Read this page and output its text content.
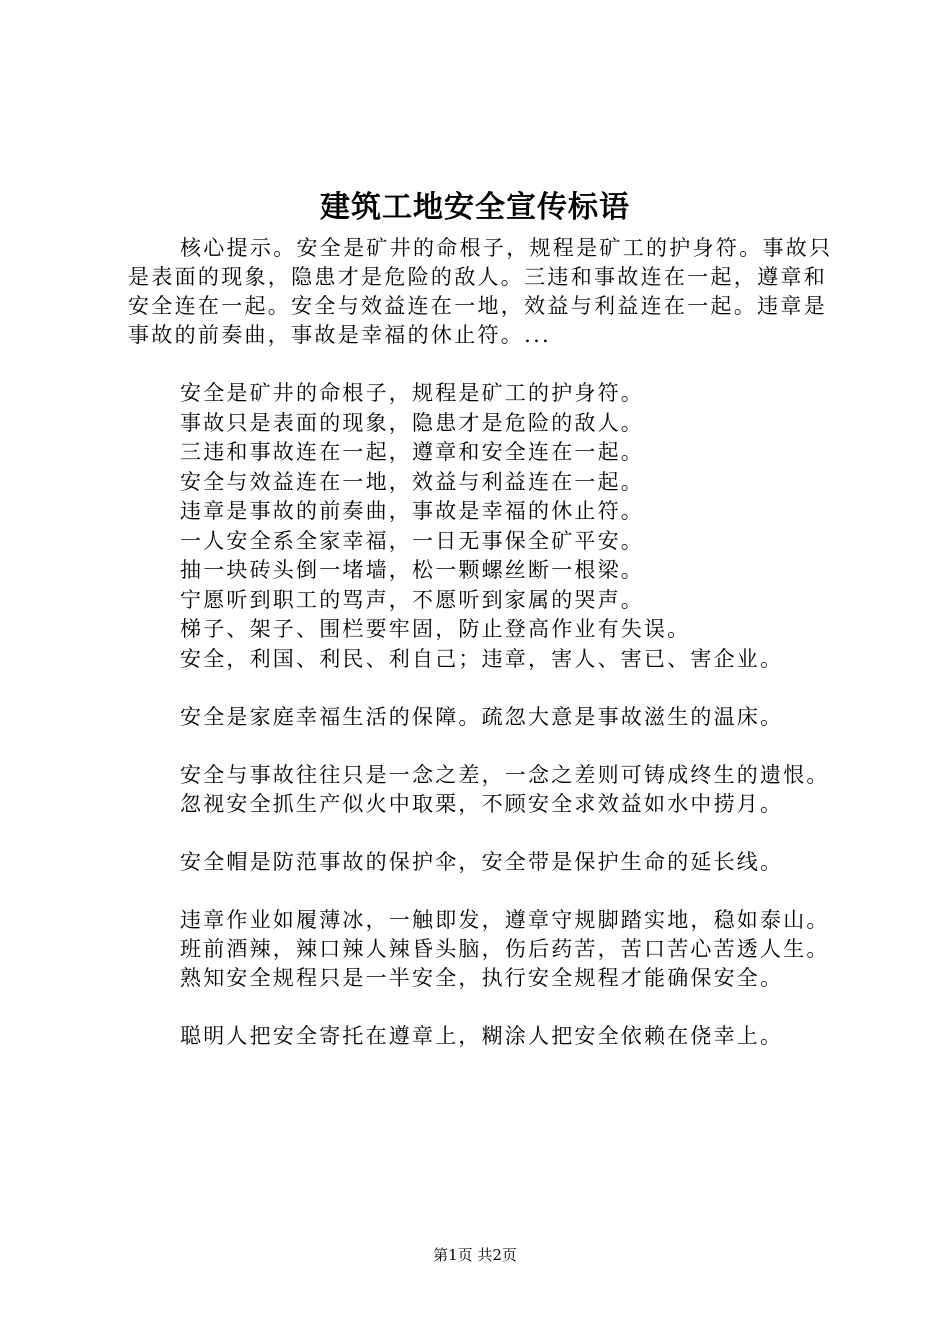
建筑工地安全宣传标语

核心提示。安全是矿井的命根子，规程是矿工的护身符。事故只是表面的现象，隐患才是危险的敌人。三违和事故连在一起，遵章和安全连在一起。安全与效益连在一地，效益与利益连在一起。违章是事故的前奏曲，事故是幸福的休止符。...

安全是矿井的命根子，规程是矿工的护身符。

事故只是表面的现象，隐患才是危险的敌人。

三违和事故连在一起，遵章和安全连在一起。

安全与效益连在一地，效益与利益连在一起。

违章是事故的前奏曲，事故是幸福的休止符。

一人安全系全家幸福，一日无事保全矿平安。

抽一块砖头倒一堵墙，松一颗螺丝断一根梁。

宁愿听到职工的骂声，不愿听到家属的哭声。

梯子、架子、围栏要牢固，防止登高作业有失误。

安全，利国、利民、利自己；违章，害人、害已、害企业。

安全是家庭幸福生活的保障。疏忽大意是事故滋生的温床。

安全与事故往往只是一念之差，一念之差则可铸成终生的遗恨。

忽视安全抓生产似火中取栗，不顾安全求效益如水中捞月。

安全帽是防范事故的保护伞，安全带是保护生命的延长线。

违章作业如履薄冰，一触即发，遵章守规脚踏实地，稳如泰山。

班前酒辣，辣口辣人辣昏头脑，伤后药苦，苦口苦心苦透人生。

熟知安全规程只是一半安全，执行安全规程才能确保安全。

聪明人把安全寄托在遵章上，糊涂人把安全依赖在侥幸上。

第1页 共2页
